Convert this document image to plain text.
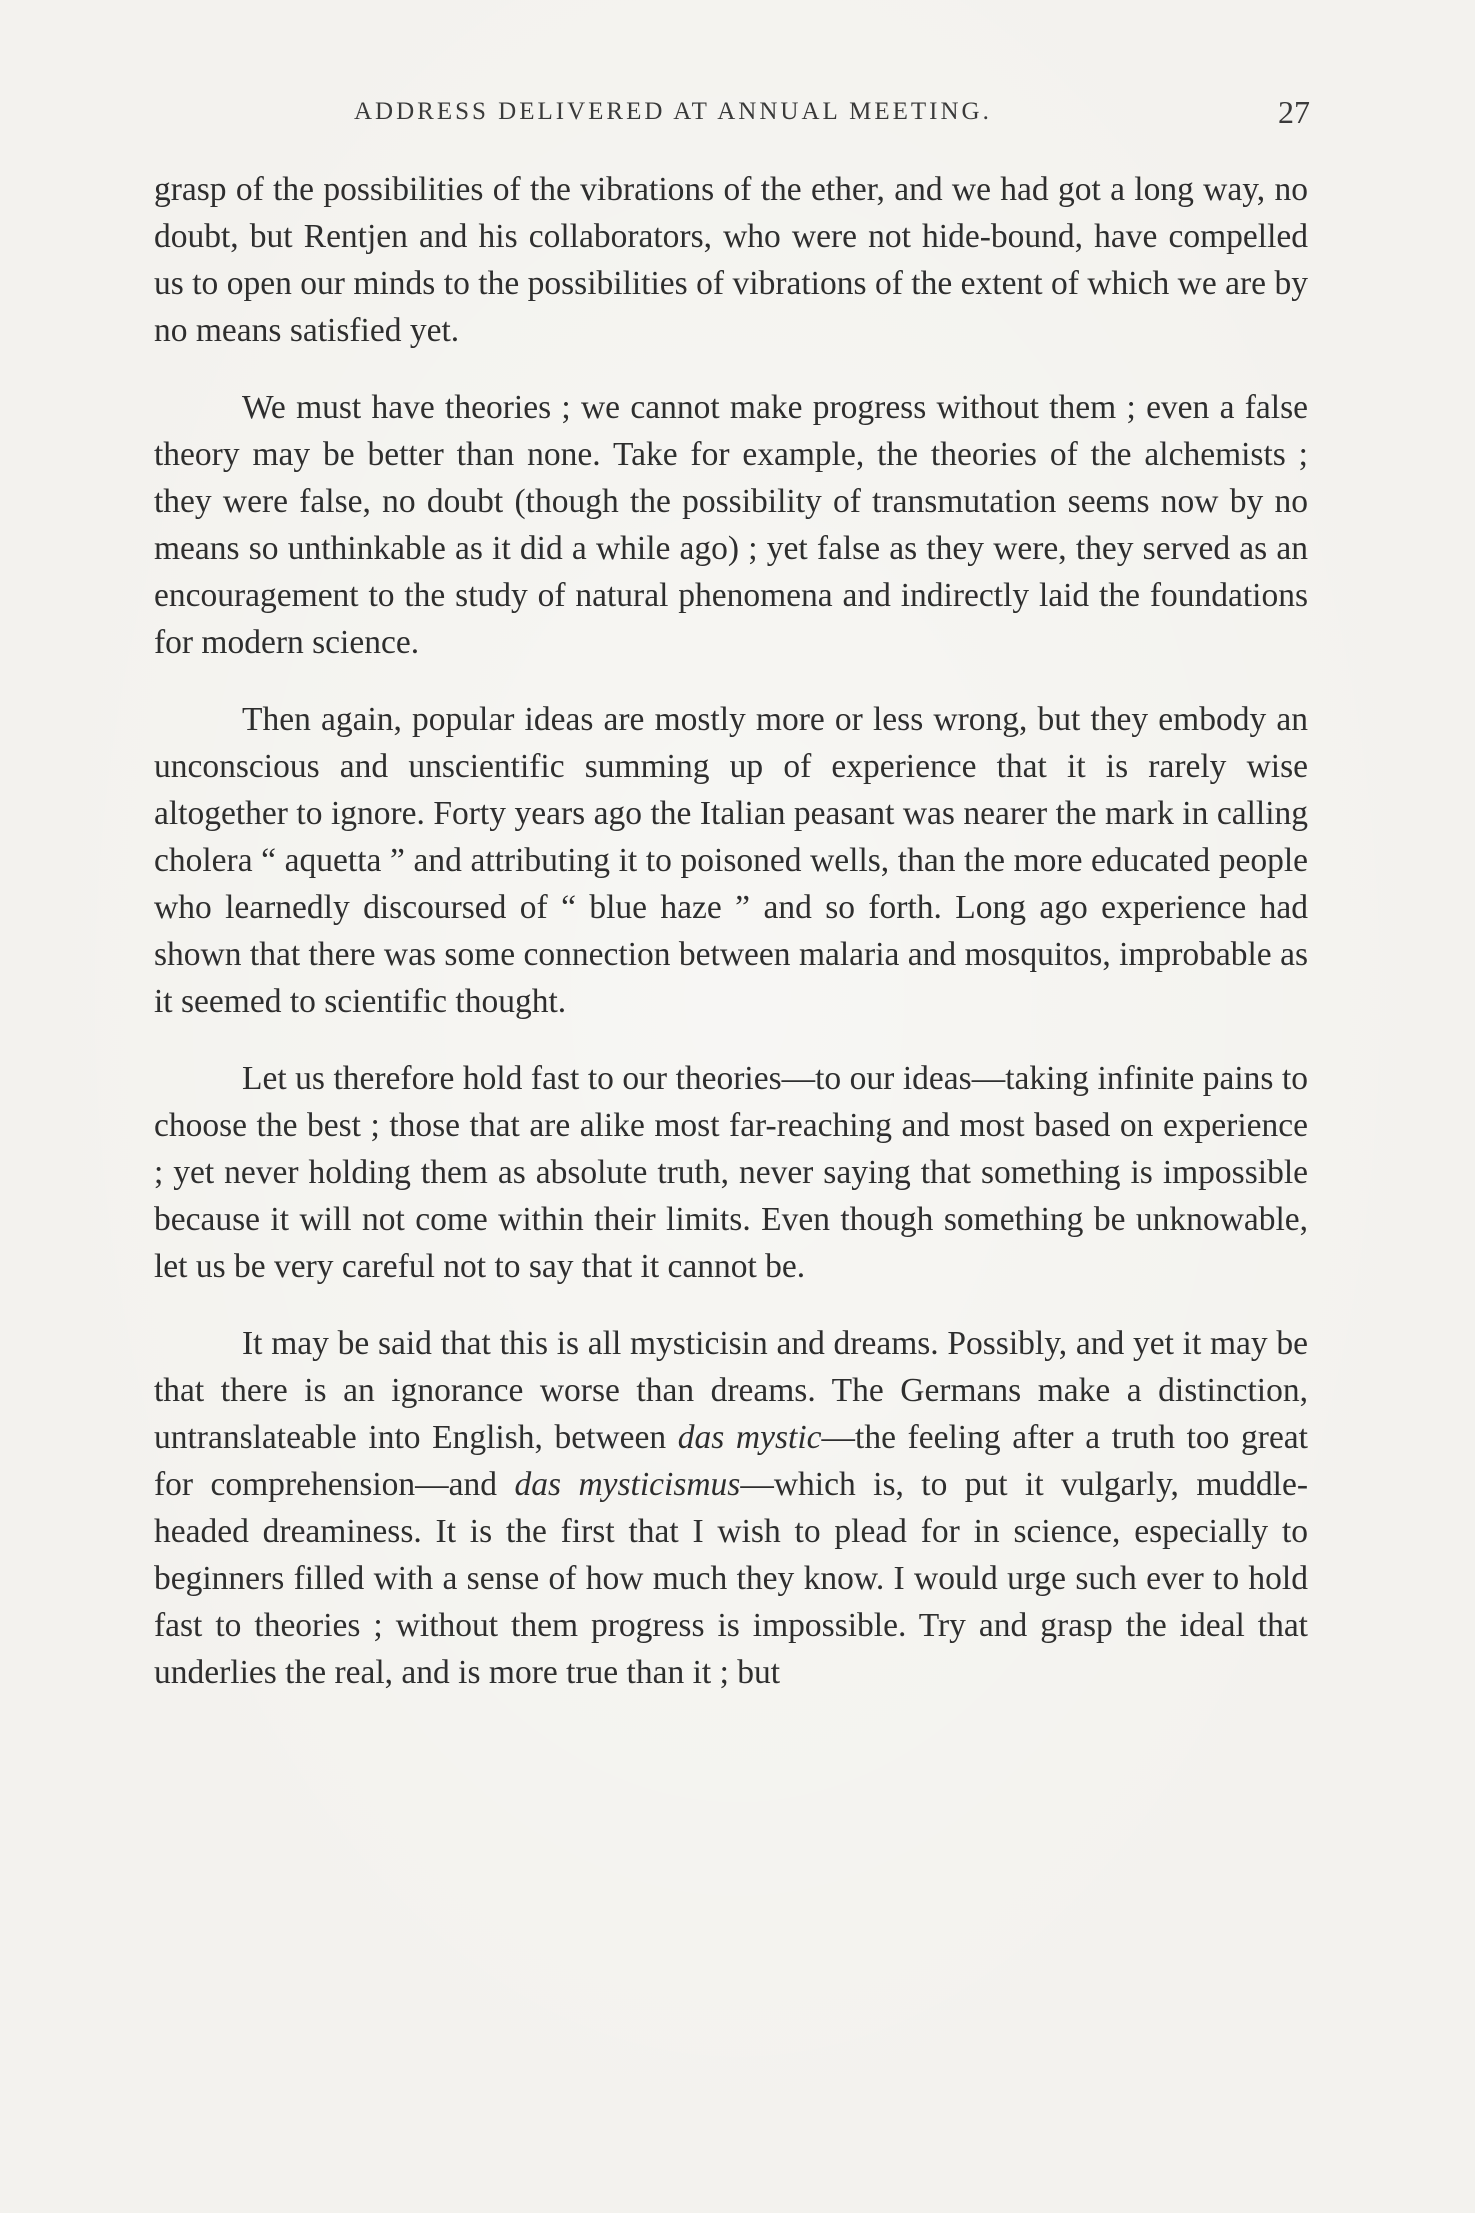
ADDRESS DELIVERED AT ANNUAL MEETING.	27

grasp of the possibilities of the vibrations of the ether, and we had got a long way, no doubt, but Rentjen and his collaborators, who were not hide-bound, have compelled us to open our minds to the possibilities of vibrations of the extent of which we are by no means satisfied yet.

We must have theories ; we cannot make progress without them ; even a false theory may be better than none. Take for example, the theories of the alchemists ; they were false, no doubt (though the possibility of transmutation seems now by no means so unthinkable as it did a while ago) ; yet false as they were, they served as an encouragement to the study of natural phenomena and indirectly laid the foundations for modern science.

Then again, popular ideas are mostly more or less wrong, but they embody an unconscious and unscientific summing up of experience that it is rarely wise altogether to ignore. Forty years ago the Italian peasant was nearer the mark in calling cholera “ aquetta ” and attributing it to poisoned wells, than the more educated people who learnedly discoursed of “ blue haze ” and so forth. Long ago experience had shown that there was some connection between malaria and mosquitos, improbable as it seemed to scientific thought.

Let us therefore hold fast to our theories—to our ideas—taking infinite pains to choose the best ; those that are alike most far-reaching and most based on experience ; yet never holding them as absolute truth, never saying that something is impossible because it will not come within their limits. Even though something be unknowable, let us be very careful not to say that it cannot be.

It may be said that this is all mysticisin and dreams. Possibly, and yet it may be that there is an ignorance worse than dreams. The Germans make a distinction, untranslateable into English, between das mystic—the feeling after a truth too great for comprehension—and das mysticismus—which is, to put it vulgarly, muddle-headed dreaminess. It is the first that I wish to plead for in science, especially to beginners filled with a sense of how much they know. I would urge such ever to hold fast to theories ; without them progress is impossible. Try and grasp the ideal that underlies the real, and is more true than it ; but
